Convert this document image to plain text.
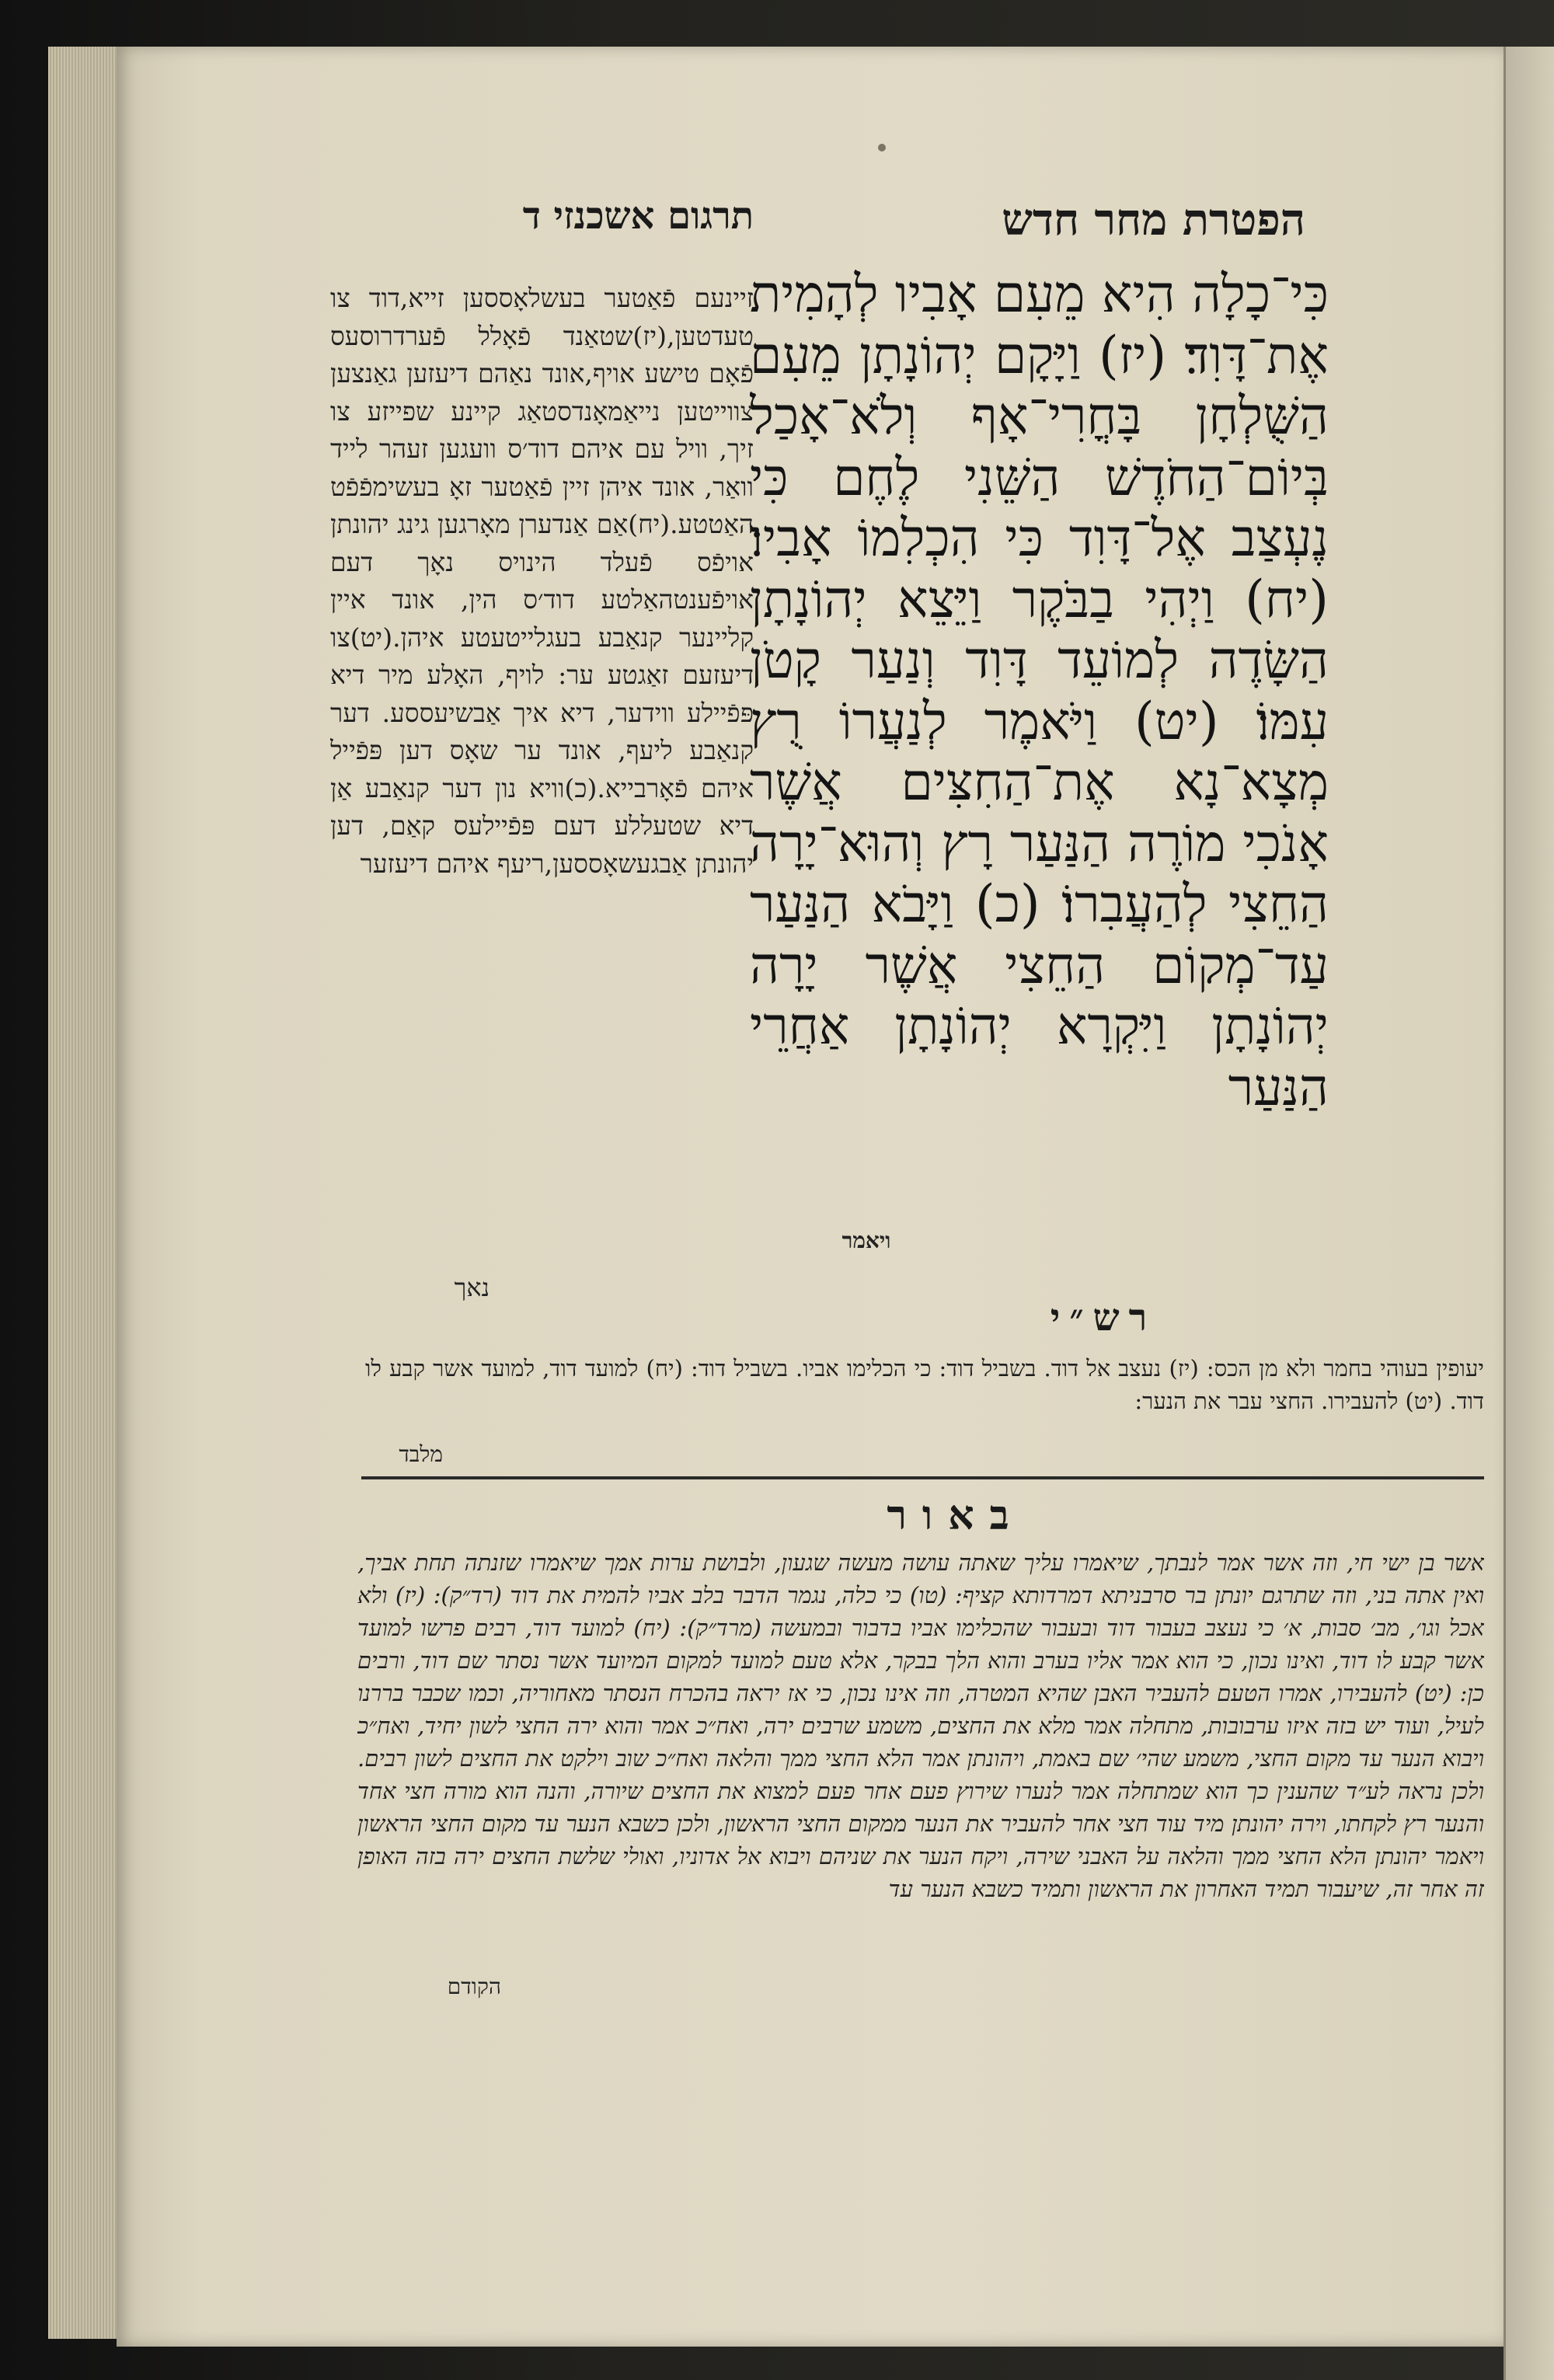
הפטרת מחר חדש
תרגום אשכנזי ד
כִּי־כָלָה הִיא מֵעִם אָבִיו לְהָמִית אֶת־דָּוִד׃ (יז) וַיָּקָם יְהוֹנָתָן מֵעִם הַשֻּׁלְחָן בָּחֳרִי־אָף וְלֹא־אָכַל בְּיוֹם־הַחֹדֶשׁ הַשֵּׁנִי לֶחֶם כִּי נֶעְצַב אֶל־דָּוִד כִּי הִכְלִמוֹ אָבִיו׃ (יח) וַיְהִי בַבֹּקֶר וַיֵּצֵא יְהוֹנָתָן הַשָּׂדֶה לְמוֹעֵד דָּוִד וְנַעַר קָטֹן עִמּוֹ׃ (יט) וַיֹּאמֶר לְנַעֲרוֹ רֻץ מְצָא־נָא אֶת־הַחִצִּים אֲשֶׁר אָנֹכִי מוֹרֶה הַנַּעַר רָץ וְהוּא־יָרָה הַחֵצִי לְהַעֲבִרוֹ׃ (כ) וַיָּבֹא הַנַּעַר עַד־מְקוֹם הַחֵצִי אֲשֶׁר יָרָה יְהוֹנָתָן וַיִּקְרָא יְהוֹנָתָן אַחֲרֵי הַנַּעַר
ויאמר
זיינעם פֿאַטער בעשלאָססען זייא,דוד צו טעדטען,(יז)שטאַנד פֿאָלל פֿערדרוסעס פֿאָם טישע אויף,אונד נאַהם דיעזען גאַנצען צווייטען נייאַמאָנדסטאַג קיינע שפייזע צו זיך, וויל עם איהם דוד׳ס וועגען זעהר לייד וואַר, אונד איהן זיין פֿאַטער זאָ בעשימפֿפֿט האַטטע.(יח)אַם אַנדערן מאָרגען גינג יהונתן אויפֿס פֿעלד הינויס נאָך דעם אויפֿענטהאַלטע דוד׳ס הין, אונד איין קליינער קנאַבע בעגלייטעטע איהן.(יט)צו דיעזעם זאַגטע ער: לויף, האָלע מיר דיא פּפֿיילע ווידער, דיא איך אַבשיעססע. דער קנאַבע ליעף, אונד ער שאָס דען פּפֿייל איהם פֿאָרבייא.(כ)וויא נון דער קנאַבע אַן דיא שטעללע דעם פּפֿיילעס קאַם, דען יהונתן אַבגעשאָססען,ריעף איהם דיעזער
נאך
רש״י
יעופין בעוהי בחמר ולא מן הכס: (יז) נעצב אל דוד. בשביל דוד: כי הכלימו אביו. בשביל דוד: (יח) למועד דוד, למועד אשר קבע לו דוד. (יט) להעבירו. החצי עבר את הנער:
מלבד
באור
אשר בן ישי חי, וזה אשר אמר לנבתך, שיאמרו עליך שאתה עושה מעשה שגעון, ולבושת ערות אמך שיאמרו שזנתה תחת אביך, ואין אתה בני, וזה שתרגם יונתן בר סרבניתא דמרדותא קציף: (טו) כי כלה, נגמר הדבר בלב אביו להמית את דוד (רד״ק): (יז) ולא אכל וגו׳, מב׳ סבות, א׳ כי נעצב בעבור דוד ובעבור שהכלימו אביו בדבור ובמעשה (מרד״ק): (יח) למועד דוד, רבים פרשו למועד אשר קבע לו דוד, ואינו נכון, כי הוא אמר אליו בערב והוא הלך בבקר, אלא טעם למועד למקום המיועד אשר נסתר שם דוד, ורבים כן: (יט) להעבירו, אמרו הטעם להעביר האבן שהיא המטרה, וזה אינו נכון, כי אז יראה בהכרח הנסתר מאחוריה, וכמו שכבר בררנו לעיל, ועוד יש בזה איזו ערבובות, מתחלה אמר מלא את החצים, משמע שרבים ירה, ואח״כ אמר והוא ירה החצי לשון יחיד, ואח״כ ויבוא הנער עד מקום החצי, משמע שהי׳ שם באמת, ויהונתן אמר הלא החצי ממך והלאה ואח״כ שוב וילקט את החצים לשון רבים. ולכן נראה לע״ד שהענין כך הוא שמתחלה אמר לנערו שירוץ פעם אחר פעם למצוא את החצים שיורה, והנה הוא מורה חצי אחד והנער רץ לקחתו, וירה יהונתן מיד עוד חצי אחר להעביר את הנער ממקום החצי הראשון, ולכן כשבא הנער עד מקום החצי הראשון ויאמר יהונתן הלא החצי ממך והלאה על האבני שירה, ויקח הנער את שניהם ויבוא אל אדוניו, ואולי שלשת החצים ירה בזה האופן זה אחר זה, שיעבור תמיד האחרון את הראשון ותמיד כשבא הנער עד
הקודם
